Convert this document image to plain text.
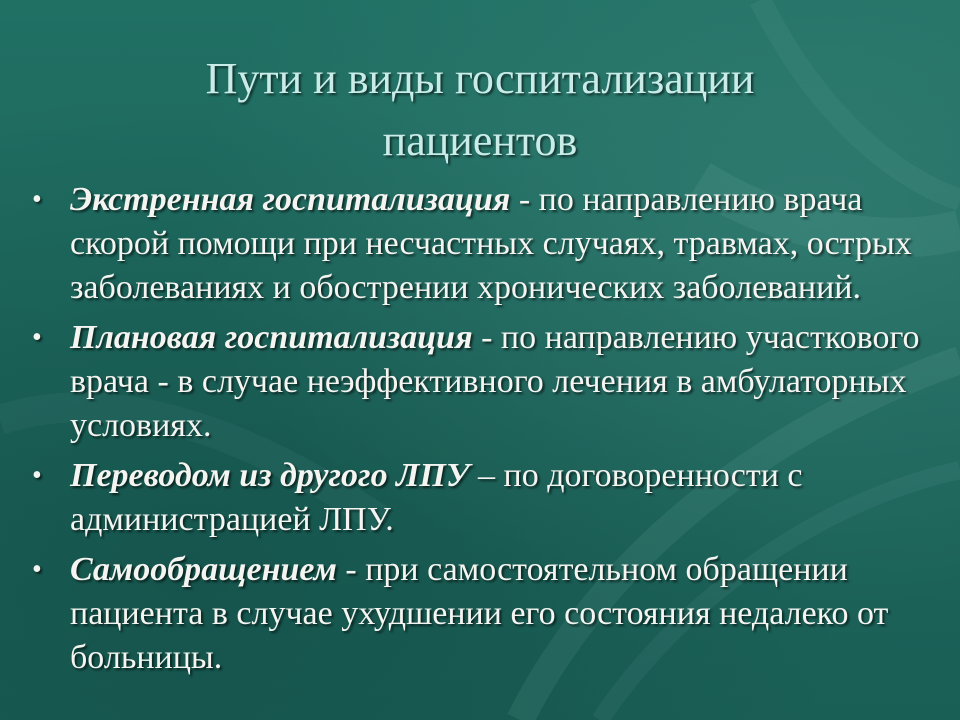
Пути и виды госпитализации
пациентов
• Экстренная госпитализация - по направлению врача скорой помощи при несчастных случаях, травмах, острых заболеваниях и обострении хронических заболеваний.
• Плановая госпитализация - по направлению участкового врача - в случае неэффективного лечения в амбулаторных условиях.
• Переводом из другого ЛПУ – по договоренности с администрацией ЛПУ.
• Самообращением - при самостоятельном обращении пациента в случае ухудшении его состояния недалеко от больницы.
